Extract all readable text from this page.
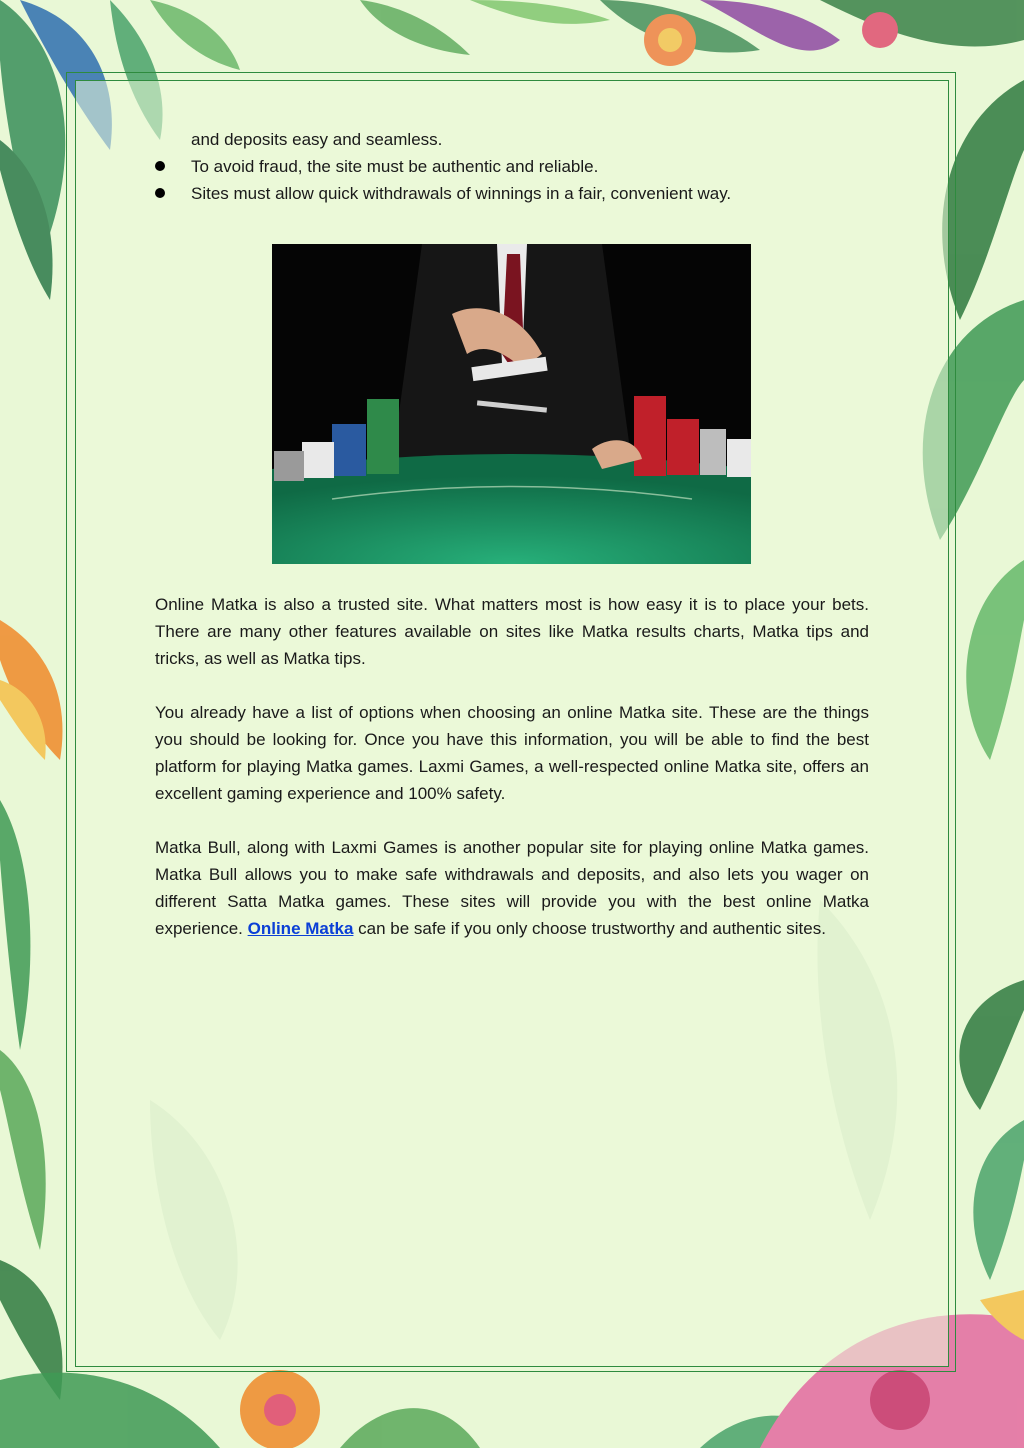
and deposits easy and seamless.
To avoid fraud, the site must be authentic and reliable.
Sites must allow quick withdrawals of winnings in a fair, convenient way.

Online Matka is also a trusted site. What matters most is how easy it is to place your bets. There are many other features available on sites like Matka results charts, Matka tips and tricks, as well as Matka tips.

You already have a list of options when choosing an online Matka site. These are the things you should be looking for. Once you have this information, you will be able to find the best platform for playing Matka games. Laxmi Games, a well-respected online Matka site, offers an excellent gaming experience and 100% safety.

Matka Bull, along with Laxmi Games is another popular site for playing online Matka games. Matka Bull allows you to make safe withdrawals and deposits, and also lets you wager on different Satta Matka games. These sites will provide you with the best online Matka experience. Online Matka can be safe if you only choose trustworthy and authentic sites.
